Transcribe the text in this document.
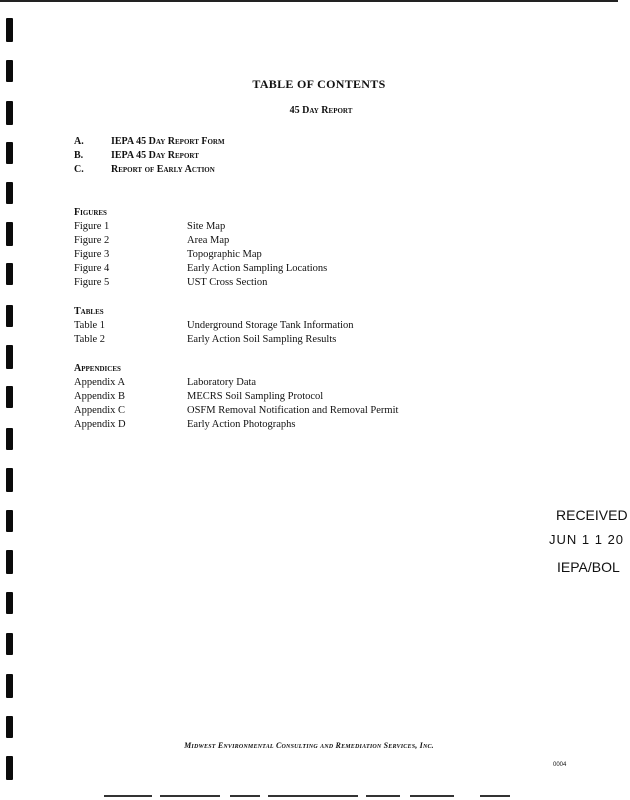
TABLE OF CONTENTS
45 Day Report
A.	IEPA 45 Day Report Form
B.	IEPA 45 Day Report
C.	Report of Early Action
Figures
Figure 1	Site Map
Figure 2	Area Map
Figure 3	Topographic Map
Figure 4	Early Action Sampling Locations
Figure 5	UST Cross Section
Tables
Table 1	Underground Storage Tank Information
Table 2	Early Action Soil Sampling Results
Appendices
Appendix A	Laboratory Data
Appendix B	MECRS Soil Sampling Protocol
Appendix C	OSFM Removal Notification and Removal Permit
Appendix D	Early Action Photographs
RECEIVED
JUN 1 1 20
IEPA/BOL
Midwest Environmental Consulting and Remediation Services, Inc.
0004
